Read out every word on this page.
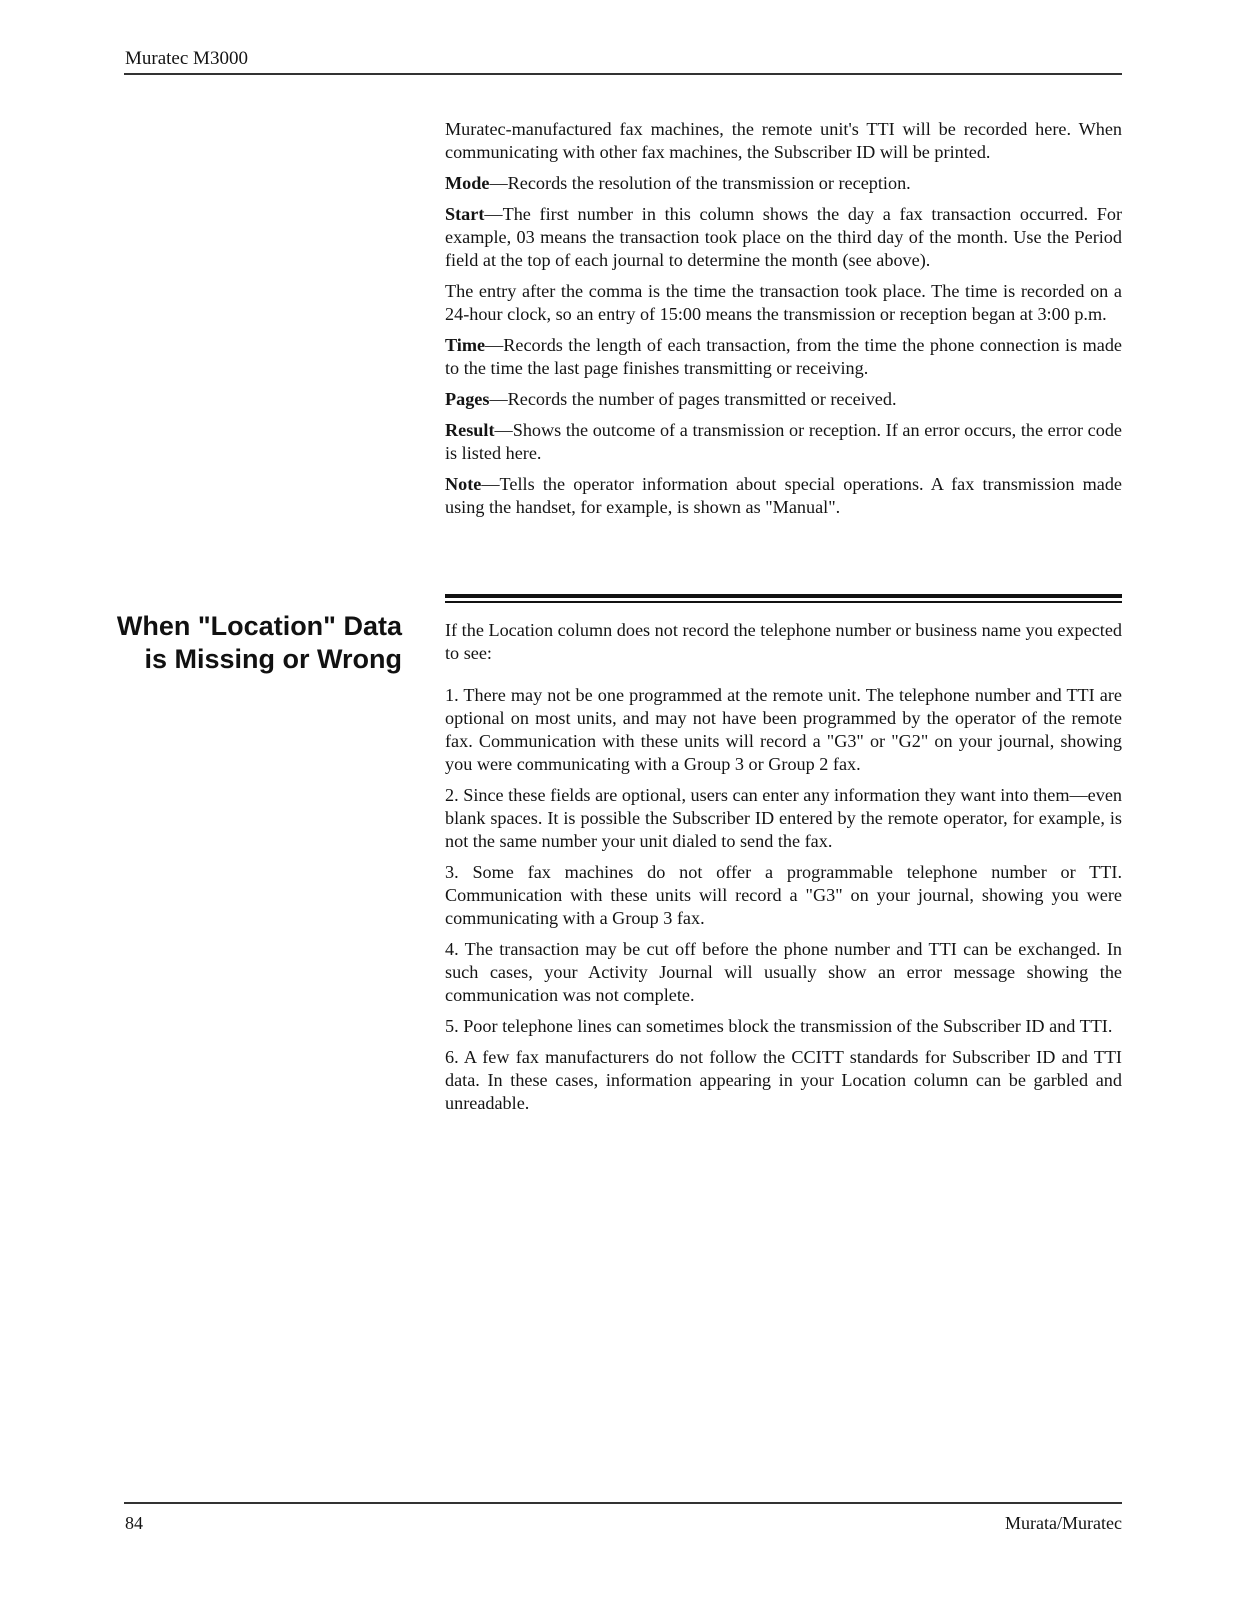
Muratec M3000

Muratec-manufactured fax machines, the remote unit's TTI will be recorded here. When communicating with other fax machines, the Subscriber ID will be printed.

Mode—Records the resolution of the transmission or reception.

Start—The first number in this column shows the day a fax transaction occurred. For example, 03 means the transaction took place on the third day of the month. Use the Period field at the top of each journal to determine the month (see above).

The entry after the comma is the time the transaction took place. The time is recorded on a 24-hour clock, so an entry of 15:00 means the transmission or reception began at 3:00 p.m.

Time—Records the length of each transaction, from the time the phone connection is made to the time the last page finishes transmitting or receiving.

Pages—Records the number of pages transmitted or received.

Result—Shows the outcome of a transmission or reception. If an error occurs, the error code is listed here.

Note—Tells the operator information about special operations. A fax transmission made using the handset, for example, is shown as "Manual".

When "Location" Data
is Missing or Wrong

If the Location column does not record the telephone number or business name you expected to see:

1. There may not be one programmed at the remote unit. The telephone number and TTI are optional on most units, and may not have been programmed by the operator of the remote fax. Communication with these units will record a "G3" or "G2" on your journal, showing you were communicating with a Group 3 or Group 2 fax.

2. Since these fields are optional, users can enter any information they want into them—even blank spaces. It is possible the Subscriber ID entered by the remote operator, for example, is not the same number your unit dialed to send the fax.

3. Some fax machines do not offer a programmable telephone number or TTI. Communication with these units will record a "G3" on your journal, showing you were communicating with a Group 3 fax.

4. The transaction may be cut off before the phone number and TTI can be exchanged. In such cases, your Activity Journal will usually show an error message showing the communication was not complete.

5. Poor telephone lines can sometimes block the transmission of the Subscriber ID and TTI.

6. A few fax manufacturers do not follow the CCITT standards for Subscriber ID and TTI data. In these cases, information appearing in your Location column can be garbled and unreadable.

84	Murata/Muratec
